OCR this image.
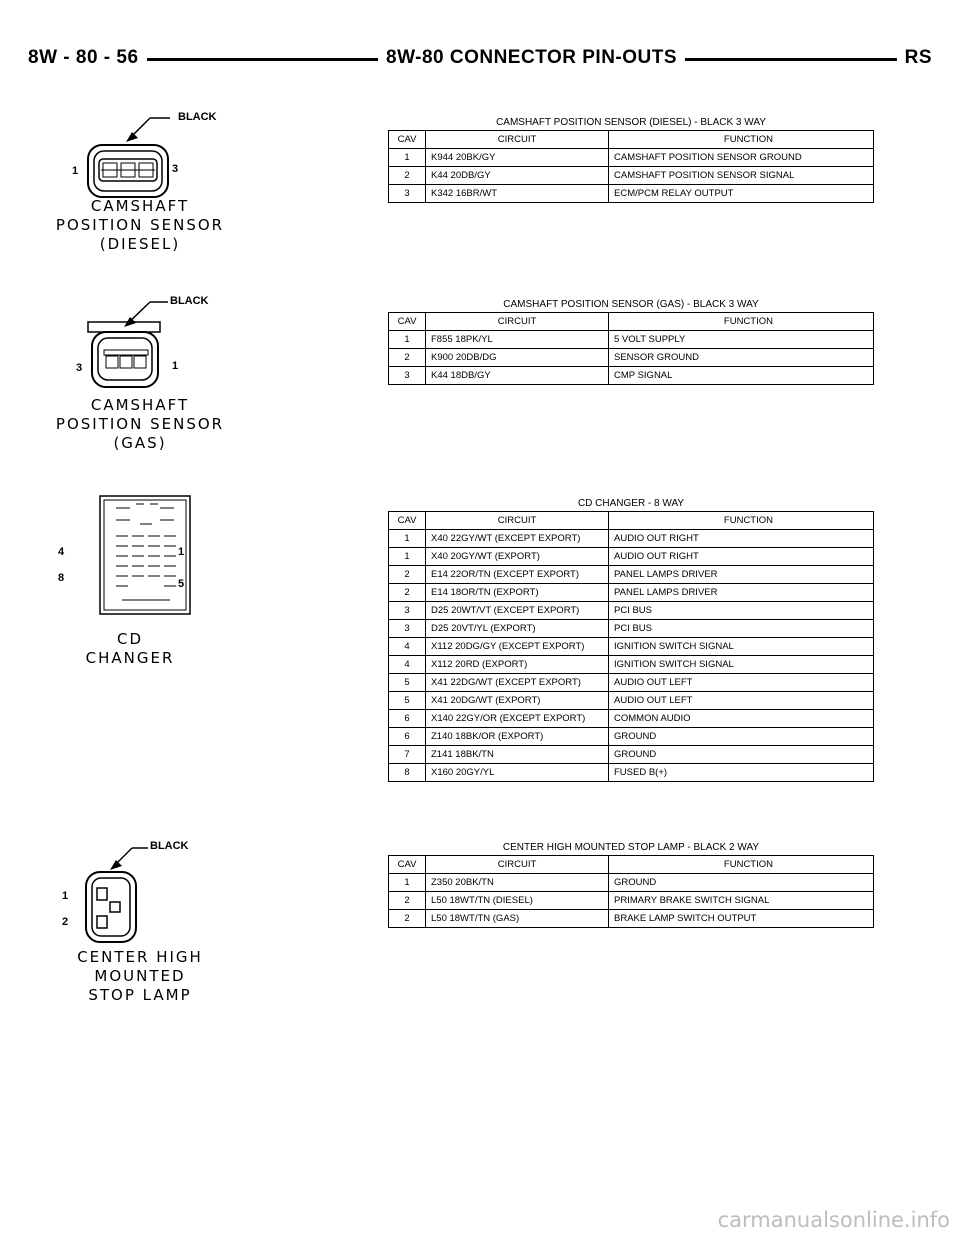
8W - 80 - 56	8W-80 CONNECTOR PIN-OUTS	RS
BLACK
1	3
CAMSHAFT
POSITION SENSOR
(DIESEL)
BLACK
3	1
CAMSHAFT
POSITION SENSOR
(GAS)
4
8
1
5
CD
CHANGER
BLACK
1
2
CENTER HIGH
MOUNTED
STOP LAMP
CAMSHAFT POSITION SENSOR (DIESEL) - BLACK 3 WAY
CAV	CIRCUIT	FUNCTION
1	K944 20BK/GY	CAMSHAFT POSITION SENSOR GROUND
2	K44 20DB/GY	CAMSHAFT POSITION SENSOR SIGNAL
3	K342 16BR/WT	ECM/PCM RELAY OUTPUT
CAMSHAFT POSITION SENSOR (GAS) - BLACK 3 WAY
CAV	CIRCUIT	FUNCTION
1	F855 18PK/YL	5 VOLT SUPPLY
2	K900 20DB/DG	SENSOR GROUND
3	K44 18DB/GY	CMP SIGNAL
CD CHANGER - 8 WAY
CAV	CIRCUIT	FUNCTION
1	X40 22GY/WT (EXCEPT EXPORT)	AUDIO OUT RIGHT
1	X40 20GY/WT (EXPORT)	AUDIO OUT RIGHT
2	E14 22OR/TN (EXCEPT EXPORT)	PANEL LAMPS DRIVER
2	E14 18OR/TN (EXPORT)	PANEL LAMPS DRIVER
3	D25 20WT/VT (EXCEPT EXPORT)	PCI BUS
3	D25 20VT/YL (EXPORT)	PCI BUS
4	X112 20DG/GY (EXCEPT EXPORT)	IGNITION SWITCH SIGNAL
4	X112 20RD (EXPORT)	IGNITION SWITCH SIGNAL
5	X41 22DG/WT (EXCEPT EXPORT)	AUDIO OUT LEFT
5	X41 20DG/WT (EXPORT)	AUDIO OUT LEFT
6	X140 22GY/OR (EXCEPT EXPORT)	COMMON AUDIO
6	Z140 18BK/OR (EXPORT)	GROUND
7	Z141 18BK/TN	GROUND
8	X160 20GY/YL	FUSED B(+)
CENTER HIGH MOUNTED STOP LAMP - BLACK 2 WAY
CAV	CIRCUIT	FUNCTION
1	Z350 20BK/TN	GROUND
2	L50 18WT/TN (DIESEL)	PRIMARY BRAKE SWITCH SIGNAL
2	L50 18WT/TN (GAS)	BRAKE LAMP SWITCH OUTPUT
carmanualsonline.info
